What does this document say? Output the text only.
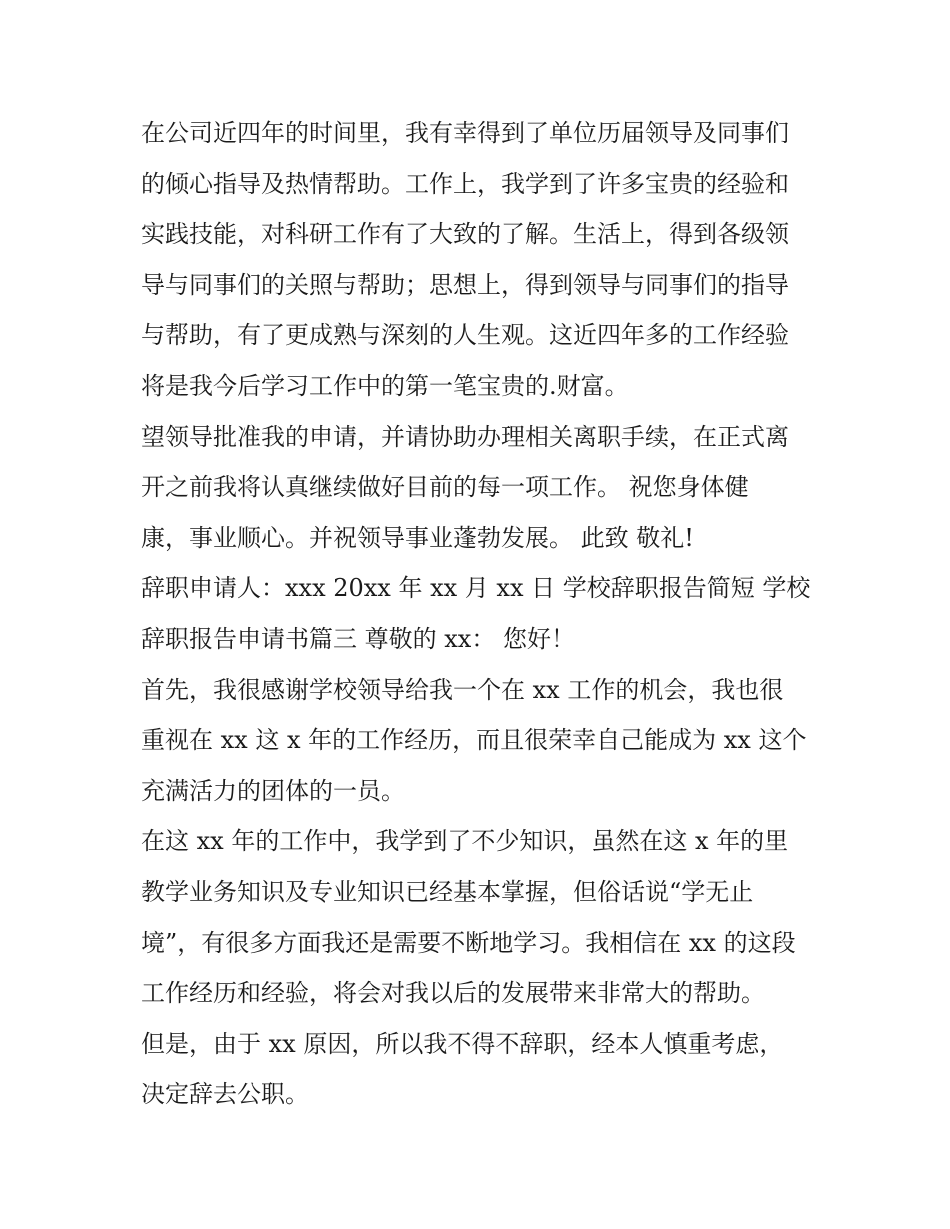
在公司近四年的时间里，我有幸得到了单位历届领导及同事们
的倾心指导及热情帮助。工作上，我学到了许多宝贵的经验和
实践技能，对科研工作有了大致的了解。生活上，得到各级领
导与同事们的关照与帮助；思想上，得到领导与同事们的指导
与帮助，有了更成熟与深刻的人生观。这近四年多的工作经验
将是我今后学习工作中的第一笔宝贵的.财富。
望领导批准我的申请，并请协助办理相关离职手续，在正式离
开之前我将认真继续做好目前的每一项工作。 祝您身体健
康，事业顺心。并祝领导事业蓬勃发展。 此致 敬礼!
辞职申请人：xxx 20xx 年 xx 月 xx 日 学校辞职报告简短 学校
辞职报告申请书篇三 尊敬的 xx： 您好！
首先，我很感谢学校领导给我一个在 xx 工作的机会，我也很
重视在 xx 这 x 年的工作经历，而且很荣幸自己能成为 xx 这个
充满活力的团体的一员。
在这 xx 年的工作中，我学到了不少知识，虽然在这 x 年的里
教学业务知识及专业知识已经基本掌握，但俗话说“学无止
境”，有很多方面我还是需要不断地学习。我相信在 xx 的这段
工作经历和经验，将会对我以后的发展带来非常大的帮助。
但是，由于 xx 原因，所以我不得不辞职，经本人慎重考虑，
决定辞去公职。
